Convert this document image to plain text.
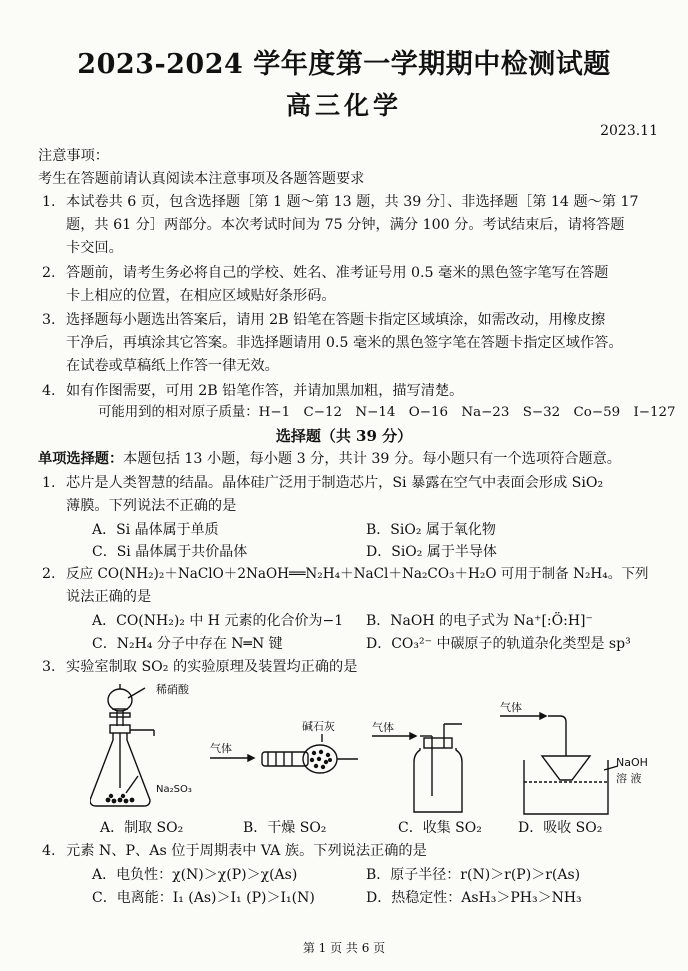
2023-2024 学年度第一学期期中检测试题
高三化学
2023.11
注意事项：
考生在答题前请认真阅读本注意事项及各题答题要求
1. 本试卷共 6 页，包含选择题［第 1 题～第 13 题，共 39 分］、非选择题［第 14 题～第 17
题，共 61 分］两部分。本次考试时间为 75 分钟，满分 100 分。考试结束后，请将答题
卡交回。
2. 答题前，请考生务必将自己的学校、姓名、准考证号用 0.5 毫米的黑色签字笔写在答题
卡上相应的位置，在相应区域贴好条形码。
3. 选择题每小题选出答案后，请用 2B 铅笔在答题卡指定区域填涂，如需改动，用橡皮擦
干净后，再填涂其它答案。非选择题请用 0.5 毫米的黑色签字笔在答题卡指定区域作答。
在试卷或草稿纸上作答一律无效。
4. 如有作图需要，可用 2B 铅笔作答，并请加黑加粗，描写清楚。
可能用到的相对原子质量：H−1　C−12　N−14　O−16　Na−23　S−32　Co−59　I−127
选择题（共 39 分）
单项选择题：本题包括 13 小题，每小题 3 分，共计 39 分。每小题只有一个选项符合题意。
1. 芯片是人类智慧的结晶。晶体硅广泛用于制造芯片，Si 暴露在空气中表面会形成 SiO₂
薄膜。下列说法不正确的是
A．Si 晶体属于单质	B．SiO₂ 属于氧化物
C．Si 晶体属于共价晶体	D．SiO₂ 属于半导体
2. 反应 CO(NH₂)₂＋NaClO＋2NaOH══N₂H₄＋NaCl＋Na₂CO₃＋H₂O 可用于制备 N₂H₄。下列
说法正确的是
A．CO(NH₂)₂ 中 H 元素的化合价为−1 B．NaOH 的电子式为 Na⁺[:Ö:H]⁻
C．N₂H₄ 分子中存在 N═N 键	D．CO₃²⁻ 中碳原子的轨道杂化类型是 sp³
3. 实验室制取 SO₂ 的实验原理及装置均正确的是
稀硝酸
Na₂SO₃
碱石灰
气体
气体
气体
NaOH
溶 液
A．制取 SO₂	B．干燥 SO₂	C．收集 SO₂	D．吸收 SO₂
4. 元素 N、P、As 位于周期表中 VA 族。下列说法正确的是
A．电负性：χ(N)＞χ(P)＞χ(As)	B．原子半径：r(N)＞r(P)＞r(As)
C．电离能：I₁ (As)＞I₁ (P)＞I₁(N)	D．热稳定性：AsH₃＞PH₃＞NH₃
第 1 页 共 6 页
